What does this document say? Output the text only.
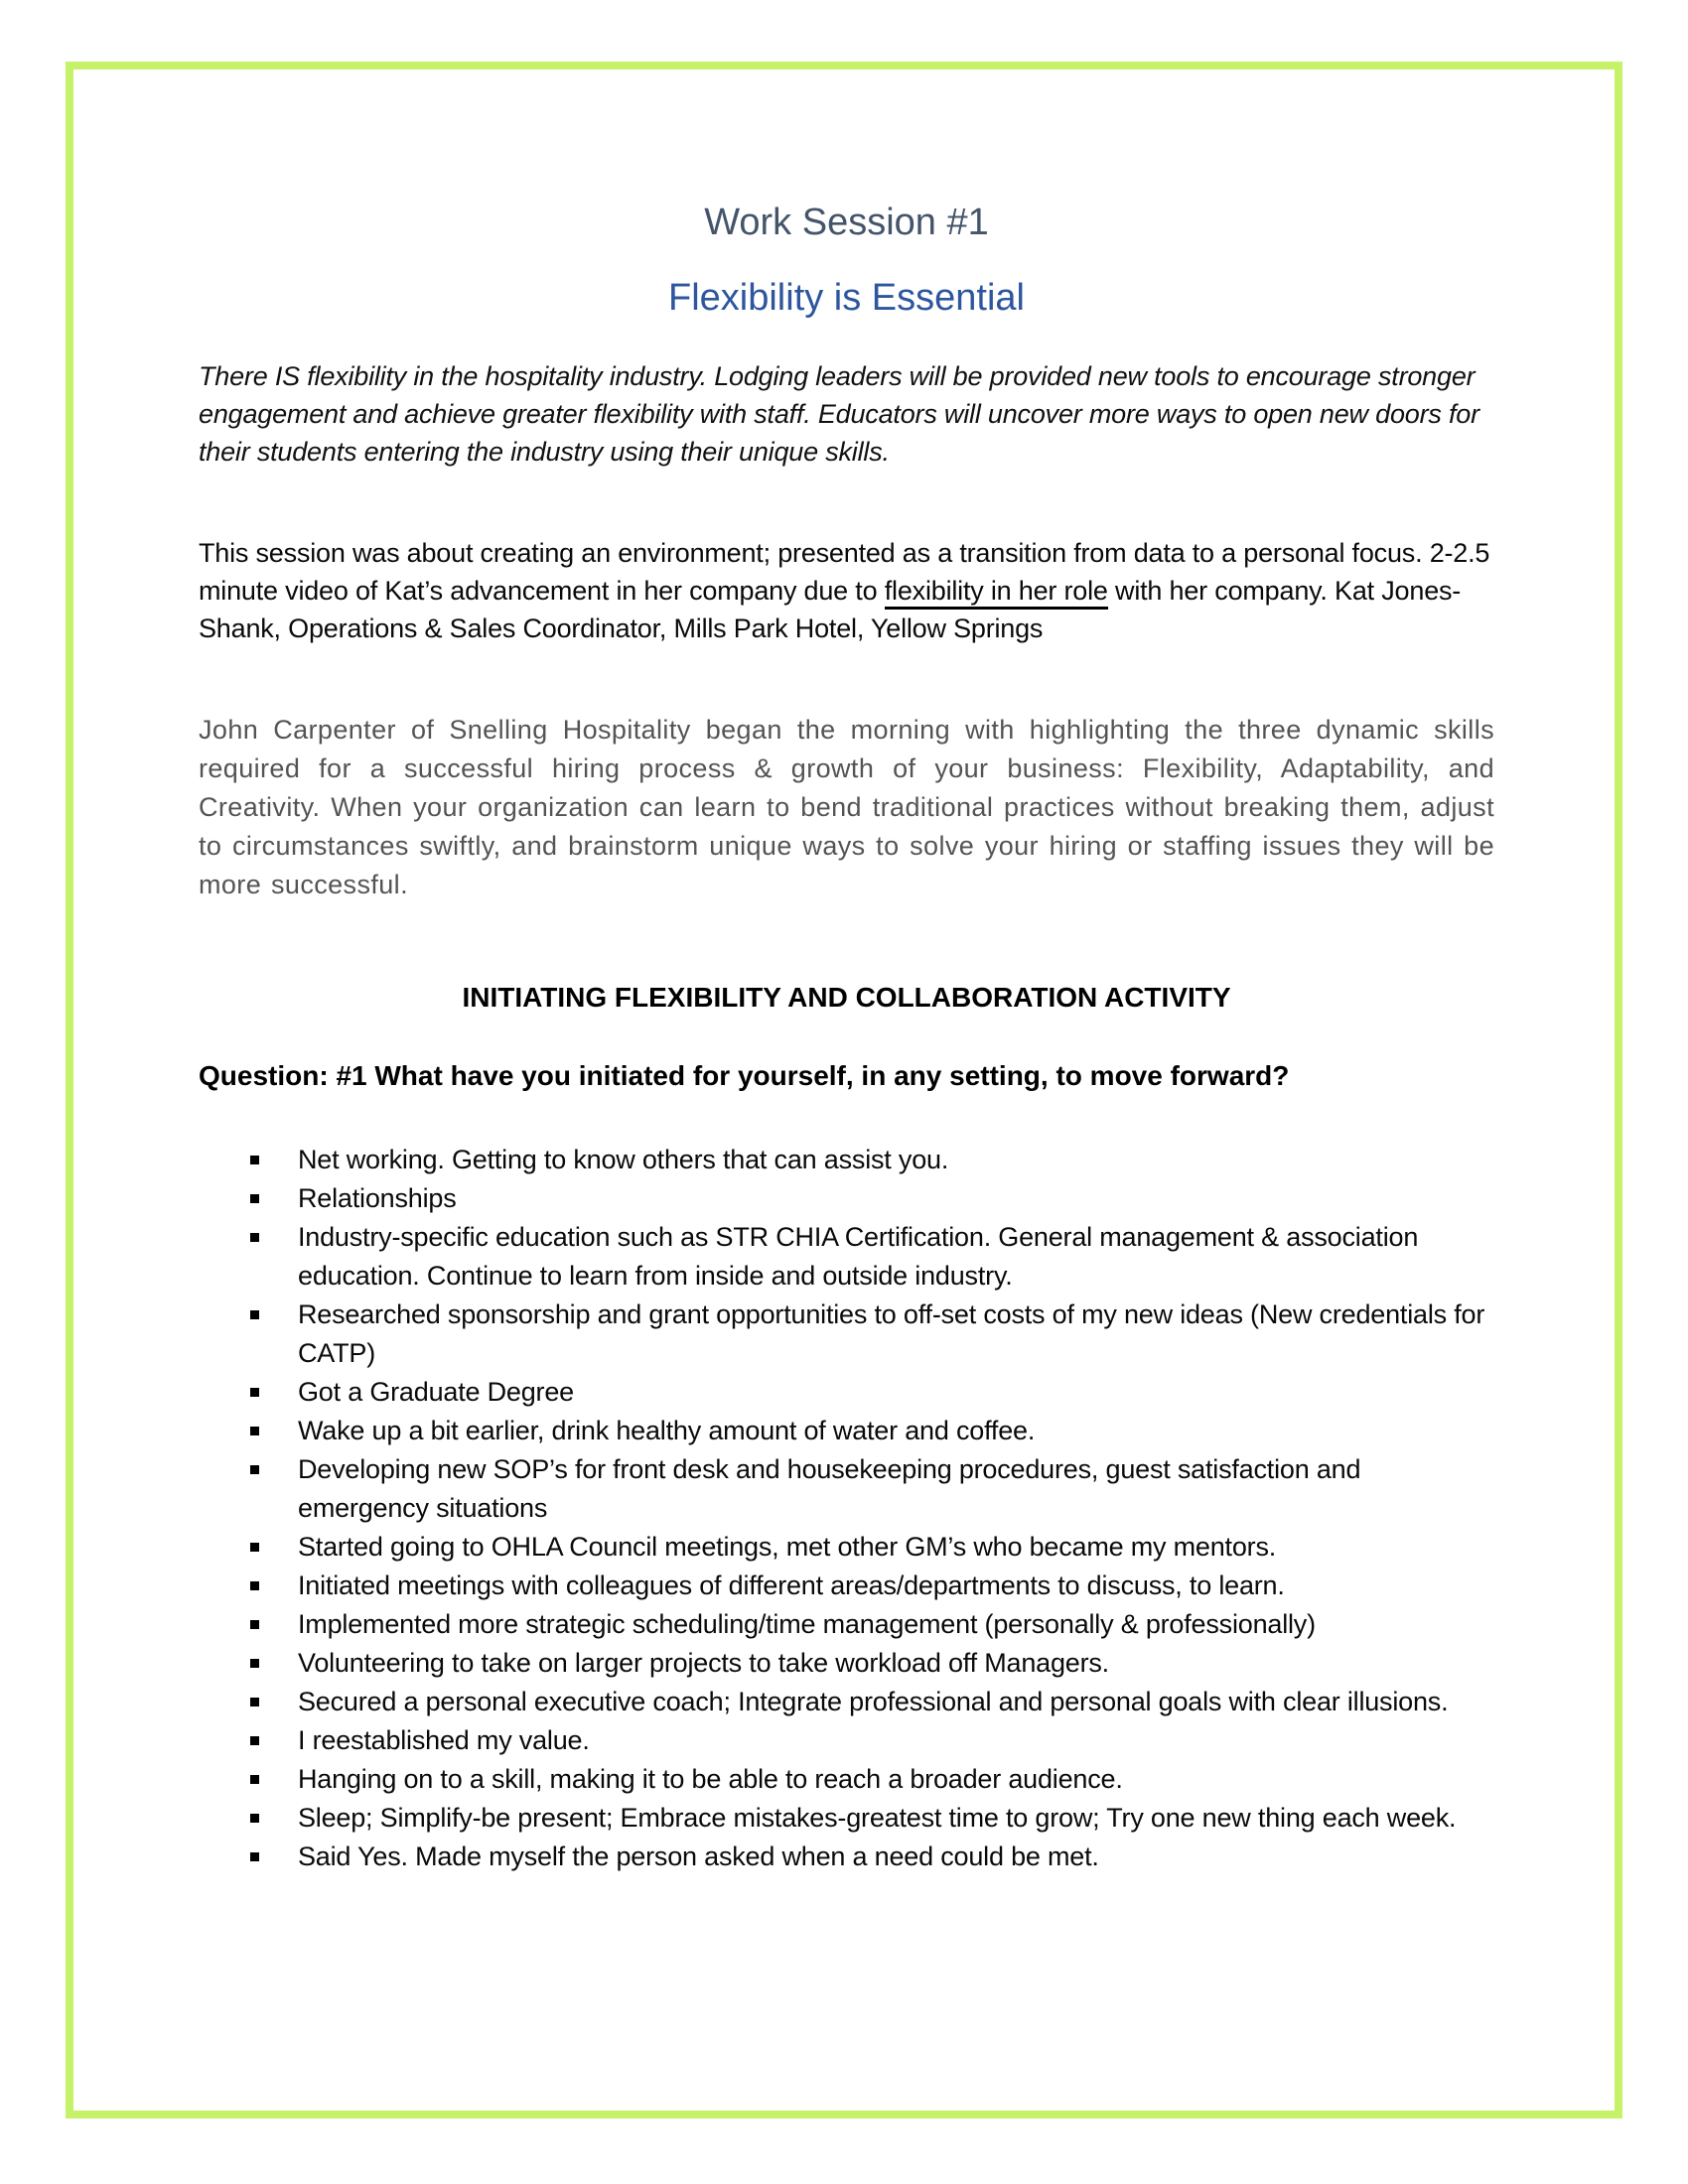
Work Session #1
Flexibility is Essential

There IS flexibility in the hospitality industry. Lodging leaders will be provided new tools to encourage stronger engagement and achieve greater flexibility with staff. Educators will uncover more ways to open new doors for their students entering the industry using their unique skills.

This session was about creating an environment; presented as a transition from data to a personal focus. 2-2.5 minute video of Kat’s advancement in her company due to flexibility in her role with her company. Kat Jones-Shank, Operations & Sales Coordinator, Mills Park Hotel, Yellow Springs

John Carpenter of Snelling Hospitality began the morning with highlighting the three dynamic skills required for a successful hiring process & growth of your business: Flexibility, Adaptability, and Creativity. When your organization can learn to bend traditional practices without breaking them, adjust to circumstances swiftly, and brainstorm unique ways to solve your hiring or staffing issues they will be more successful.

INITIATING FLEXIBILITY AND COLLABORATION ACTIVITY

Question: #1 What have you initiated for yourself, in any setting, to move forward?

Net working. Getting to know others that can assist you.
Relationships
Industry-specific education such as STR CHIA Certification. General management & association education. Continue to learn from inside and outside industry.
Researched sponsorship and grant opportunities to off-set costs of my new ideas (New credentials for CATP)
Got a Graduate Degree
Wake up a bit earlier, drink healthy amount of water and coffee.
Developing new SOP’s for front desk and housekeeping procedures, guest satisfaction and emergency situations
Started going to OHLA Council meetings, met other GM’s who became my mentors.
Initiated meetings with colleagues of different areas/departments to discuss, to learn.
Implemented more strategic scheduling/time management (personally & professionally)
Volunteering to take on larger projects to take workload off Managers.
Secured a personal executive coach; Integrate professional and personal goals with clear illusions.
I reestablished my value.
Hanging on to a skill, making it to be able to reach a broader audience.
Sleep; Simplify-be present; Embrace mistakes-greatest time to grow; Try one new thing each week.
Said Yes. Made myself the person asked when a need could be met.
